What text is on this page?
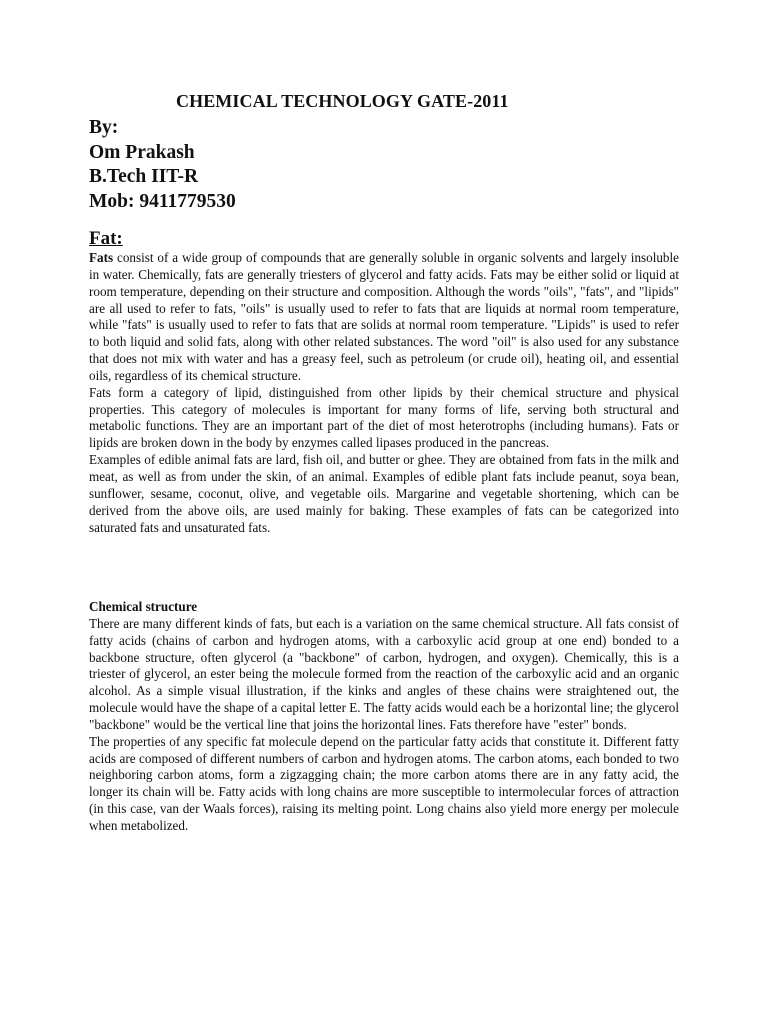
CHEMICAL TECHNOLOGY GATE-2011
By:
Om Prakash
B.Tech IIT-R
Mob: 9411779530
Fat:

Fats consist of a wide group of compounds that are generally soluble in organic solvents and largely insoluble in water. Chemically, fats are generally triesters of glycerol and fatty acids. Fats may be either solid or liquid at room temperature, depending on their structure and composition. Although the words "oils", "fats", and "lipids" are all used to refer to fats, "oils" is usually used to refer to fats that are liquids at normal room temperature, while "fats" is usually used to refer to fats that are solids at normal room temperature. "Lipids" is used to refer to both liquid and solid fats, along with other related substances. The word "oil" is also used for any substance that does not mix with water and has a greasy feel, such as petroleum (or crude oil), heating oil, and essential oils, regardless of its chemical structure.

Fats form a category of lipid, distinguished from other lipids by their chemical structure and physical properties. This category of molecules is important for many forms of life, serving both structural and metabolic functions. They are an important part of the diet of most heterotrophs (including humans). Fats or lipids are broken down in the body by enzymes called lipases produced in the pancreas.

Examples of edible animal fats are lard, fish oil, and butter or ghee. They are obtained from fats in the milk and meat, as well as from under the skin, of an animal. Examples of edible plant fats include peanut, soya bean, sunflower, sesame, coconut, olive, and vegetable oils. Margarine and vegetable shortening, which can be derived from the above oils, are used mainly for baking. These examples of fats can be categorized into saturated fats and unsaturated fats.

Chemical structure

There are many different kinds of fats, but each is a variation on the same chemical structure. All fats consist of fatty acids (chains of carbon and hydrogen atoms, with a carboxylic acid group at one end) bonded to a backbone structure, often glycerol (a "backbone" of carbon, hydrogen, and oxygen). Chemically, this is a triester of glycerol, an ester being the molecule formed from the reaction of the carboxylic acid and an organic alcohol. As a simple visual illustration, if the kinks and angles of these chains were straightened out, the molecule would have the shape of a capital letter E. The fatty acids would each be a horizontal line; the glycerol "backbone" would be the vertical line that joins the horizontal lines. Fats therefore have "ester" bonds.

The properties of any specific fat molecule depend on the particular fatty acids that constitute it. Different fatty acids are composed of different numbers of carbon and hydrogen atoms. The carbon atoms, each bonded to two neighboring carbon atoms, form a zigzagging chain; the more carbon atoms there are in any fatty acid, the longer its chain will be. Fatty acids with long chains are more susceptible to intermolecular forces of attraction (in this case, van der Waals forces), raising its melting point. Long chains also yield more energy per molecule when metabolized.
